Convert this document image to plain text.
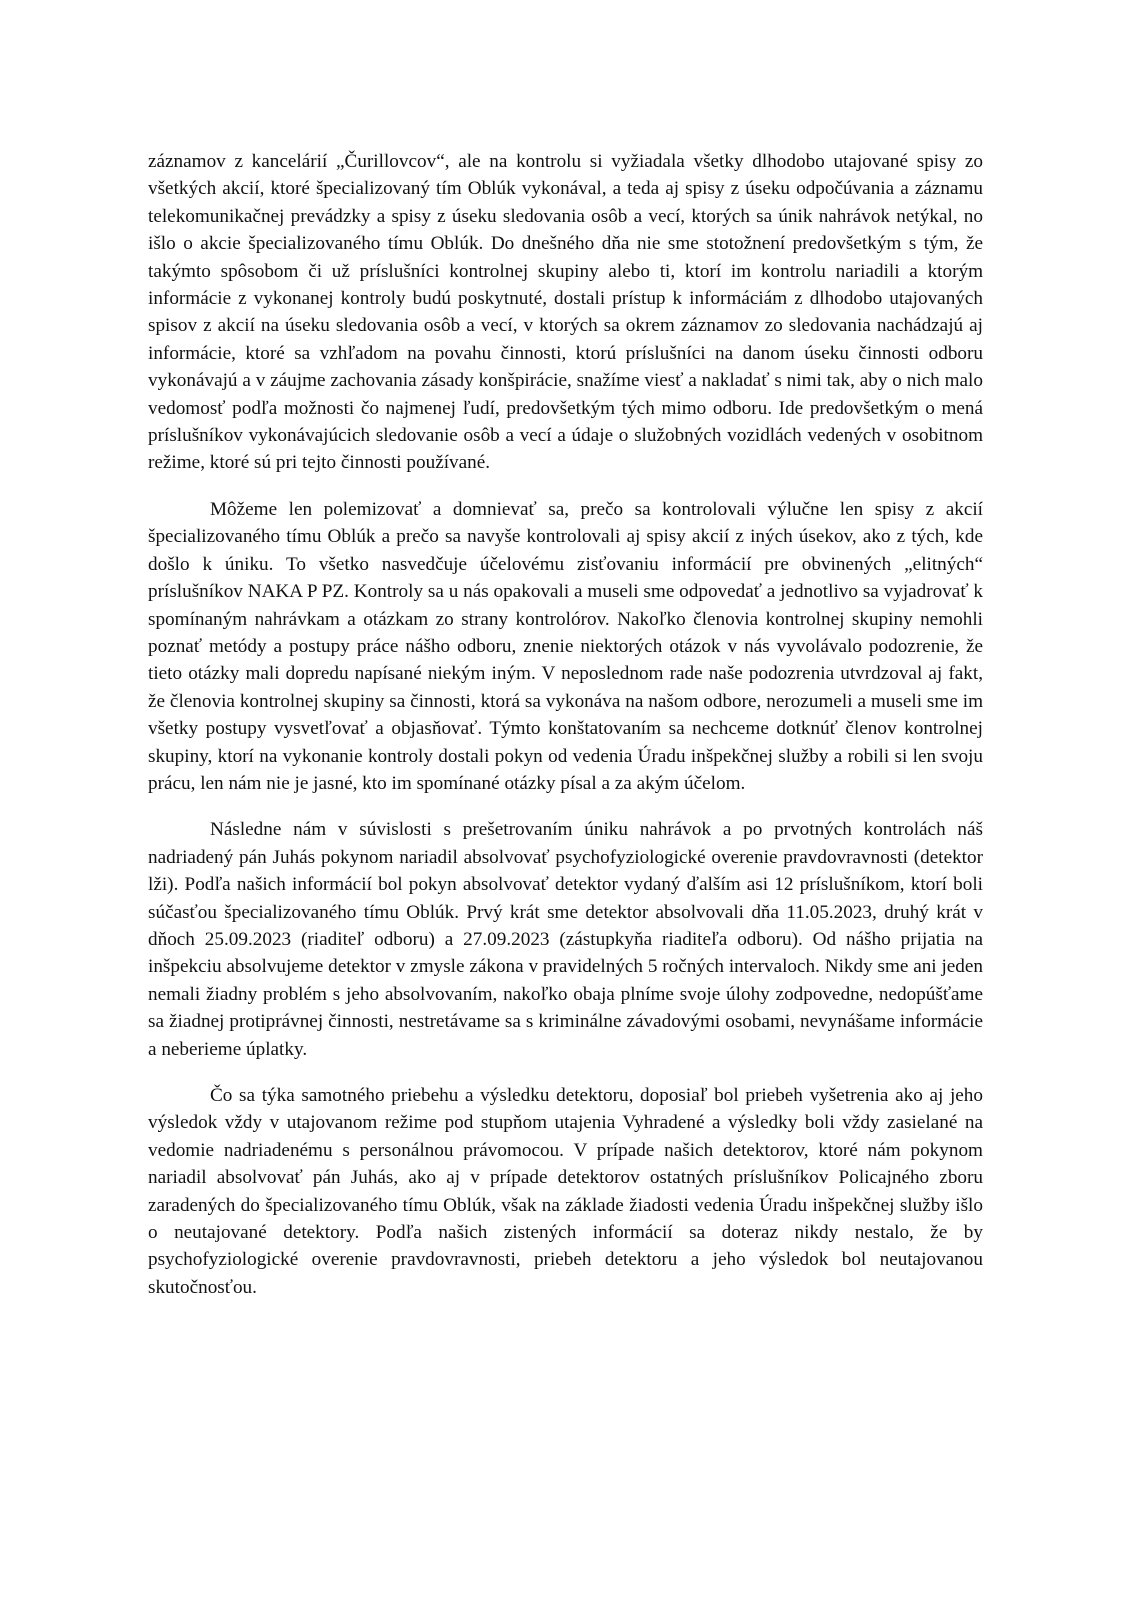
záznamov z kancelárií „Čurillovcov“, ale na kontrolu si vyžiadala všetky dlhodobo utajované spisy zo všetkých akcií, ktoré špecializovaný tím Oblúk vykonával, a teda aj spisy z úseku odpočúvania a záznamu telekomunikačnej prevádzky a spisy z úseku sledovania osôb a vecí, ktorých sa únik nahrávok netýkal, no išlo o akcie špecializovaného tímu Oblúk. Do dnešného dňa nie sme stotožnení predovšetkým s tým, že takýmto spôsobom či už príslušníci kontrolnej skupiny alebo ti, ktorí im kontrolu nariadili a ktorým informácie z vykonanej kontroly budú poskytnuté, dostali prístup k informáciám z dlhodobo utajovaných spisov z akcií na úseku sledovania osôb a vecí, v ktorých sa okrem záznamov zo sledovania nachádzajú aj informácie, ktoré sa vzhľadom na povahu činnosti, ktorú príslušníci na danom úseku činnosti odboru vykonávajú a v záujme zachovania zásady konšpirácie, snažíme viesť a nakladať s nimi tak, aby o nich malo vedomosť podľa možnosti čo najmenej ľudí, predovšetkým tých mimo odboru. Ide predovšetkým o mená príslušníkov vykonávajúcich sledovanie osôb a vecí a údaje o služobných vozidlách vedených v osobitnom režime, ktoré sú pri tejto činnosti používané.

Môžeme len polemizovať a domnievať sa, prečo sa kontrolovali výlučne len spisy z akcií špecializovaného tímu Oblúk a prečo sa navyše kontrolovali aj spisy akcií z iných úsekov, ako z tých, kde došlo k úniku. To všetko nasvedčuje účelovému zisťovaniu informácií pre obvinených „elitných“ príslušníkov NAKA P PZ. Kontroly sa u nás opakovali a museli sme odpovedať a jednotlivo sa vyjadrovať k spomínaným nahrávkam a otázkam zo strany kontrolórov. Nakoľko členovia kontrolnej skupiny nemohli poznať metódy a postupy práce nášho odboru, znenie niektorých otázok v nás vyvolávalo podozrenie, že tieto otázky mali dopredu napísané niekým iným. V neposlednom rade naše podozrenia utvrdzoval aj fakt, že členovia kontrolnej skupiny sa činnosti, ktorá sa vykonáva na našom odbore, nerozumeli a museli sme im všetky postupy vysvetľovať a objasňovať. Týmto konštatovaním sa nechceme dotknúť členov kontrolnej skupiny, ktorí na vykonanie kontroly dostali pokyn od vedenia Úradu inšpekčnej služby a robili si len svoju prácu, len nám nie je jasné, kto im spomínané otázky písal a za akým účelom.

Následne nám v súvislosti s prešetrovaním úniku nahrávok a po prvotných kontrolách náš nadriadený pán Juhás pokynom nariadil absolvovať psychofyziologické overenie pravdovravnosti (detektor lži). Podľa našich informácií bol pokyn absolvovať detektor vydaný ďalším asi 12 príslušníkom, ktorí boli súčasťou špecializovaného tímu Oblúk. Prvý krát sme detektor absolvovali dňa 11.05.2023, druhý krát v dňoch 25.09.2023 (riaditeľ odboru) a 27.09.2023 (zástupkyňa riaditeľa odboru). Od nášho prijatia na inšpekciu absolvujeme detektor v zmysle zákona v pravidelných 5 ročných intervaloch. Nikdy sme ani jeden nemali žiadny problém s jeho absolvovaním, nakoľko obaja plníme svoje úlohy zodpovedne, nedopúšťame sa žiadnej protiprávnej činnosti, nestretávame sa s kriminálne závadovými osobami, nevynášame informácie a neberieme úplatky.

Čo sa týka samotného priebehu a výsledku detektoru, doposiaľ bol priebeh vyšetrenia ako aj jeho výsledok vždy v utajovanom režime pod stupňom utajenia Vyhradené a výsledky boli vždy zasielané na vedomie nadriadenému s personálnou právomocou. V prípade našich detektorov, ktoré nám pokynom nariadil absolvovať pán Juhás, ako aj v prípade detektorov ostatných príslušníkov Policajného zboru zaradených do špecializovaného tímu Oblúk, však na základe žiadosti vedenia Úradu inšpekčnej služby išlo o neutajované detektory. Podľa našich zistených informácií sa doteraz nikdy nestalo, že by psychofyziologické overenie pravdovravnosti, priebeh detektoru a jeho výsledok bol neutajovanou skutočnosťou.
